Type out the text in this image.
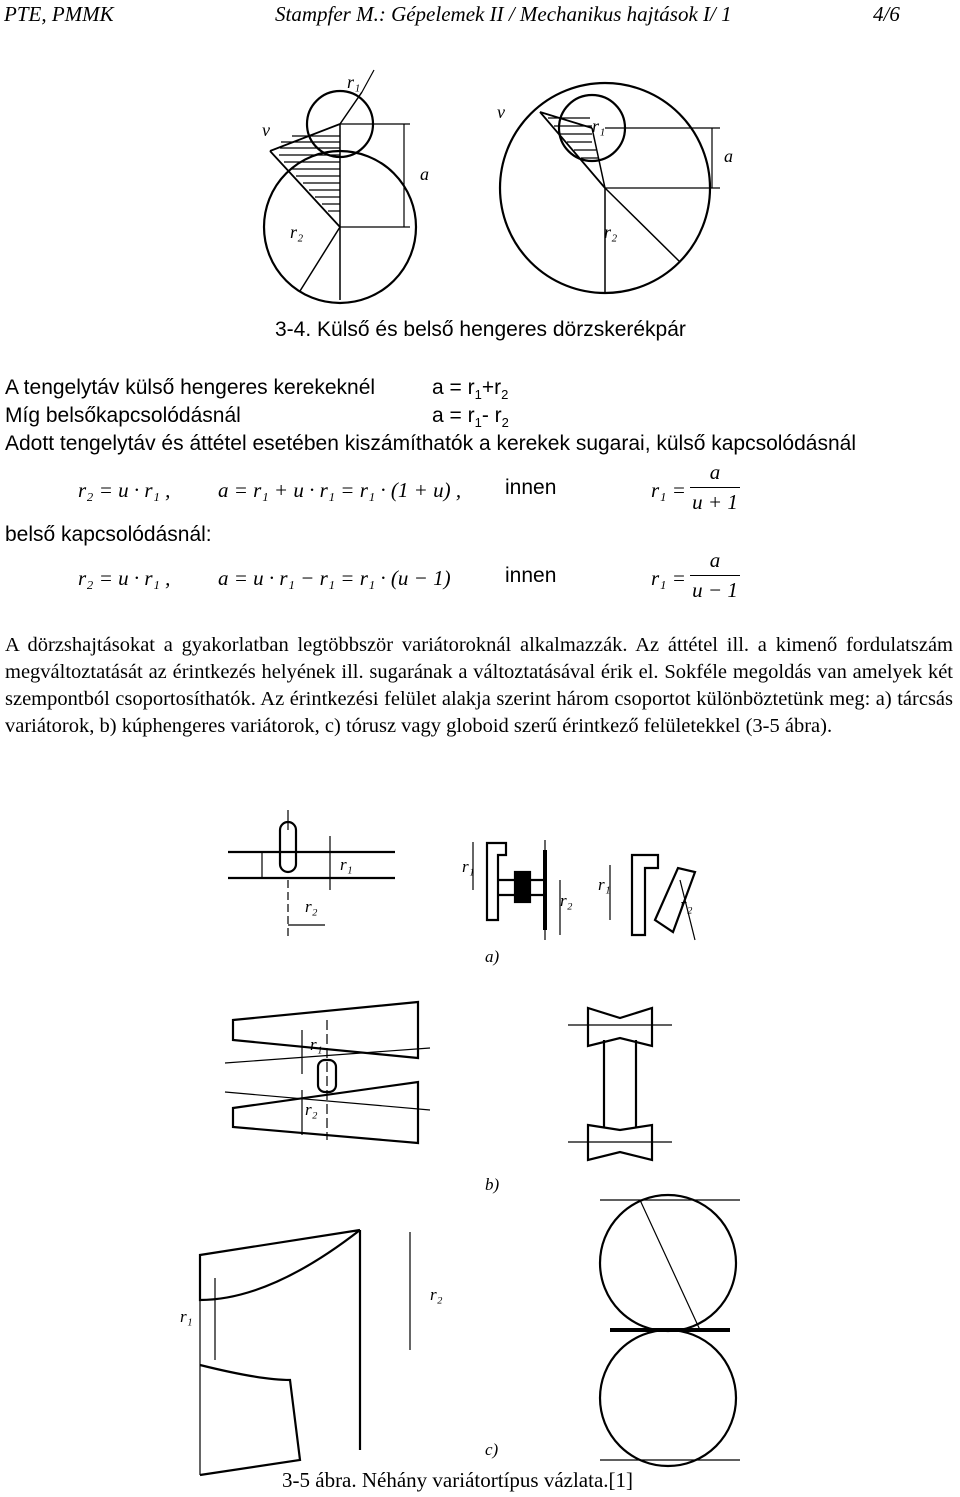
PTE, PMMK	Stampfer M.: Gépelemek II / Mechanikus hajtások I/ 1	4/6
r₁
v
a
r₂
v
r₁
a
r₂
3-4. Külső és belső hengeres dörzskerékpár
A tengelytáv külső hengeres kerekeknél	$a = r_1+r_2$
Míg belsőkapcsolódásnál	$a = r_1-$ $r_2$
Adott tengelytáv és áttétel esetében kiszámíthatók a kerekek sugarai, külső kapcsolódásnál
r₂ = u · r₁ , a = r₁ + u · r₁ = r₁ · (1 + u) , innen	r₁ =
a
u + 1
belső kapcsolódásnál:
r₂ = u · r₁ , a = u · r₁ − r₁ = r₁ · (u − 1)	innen	r₁ =
a
u − 1
A dörzshajtásokat a gyakorlatban legtöbbször variátoroknál alkalmazzák. Az áttétel ill. a kimenő fordulatszám megváltoztatását az érintkezés helyének ill. sugarának a változtatásával érik el. Sokféle megoldás van amelyek két szempontból csoportosíthatók. Az érintkezési felület alakja szerint három csoportot különböztetünk meg: a) tárcsás variátorok, b) kúphengeres variátorok, c) tórusz vagy globoid szerű érintkező felületekkel (3-5 ábra).
r₁
r₂
r₁
r₂
r₁
r₂
r₁
r₂
r₁
r₂
a)
b)
c)
3-5 ábra. Néhány variátortípus vázlata.[1]
